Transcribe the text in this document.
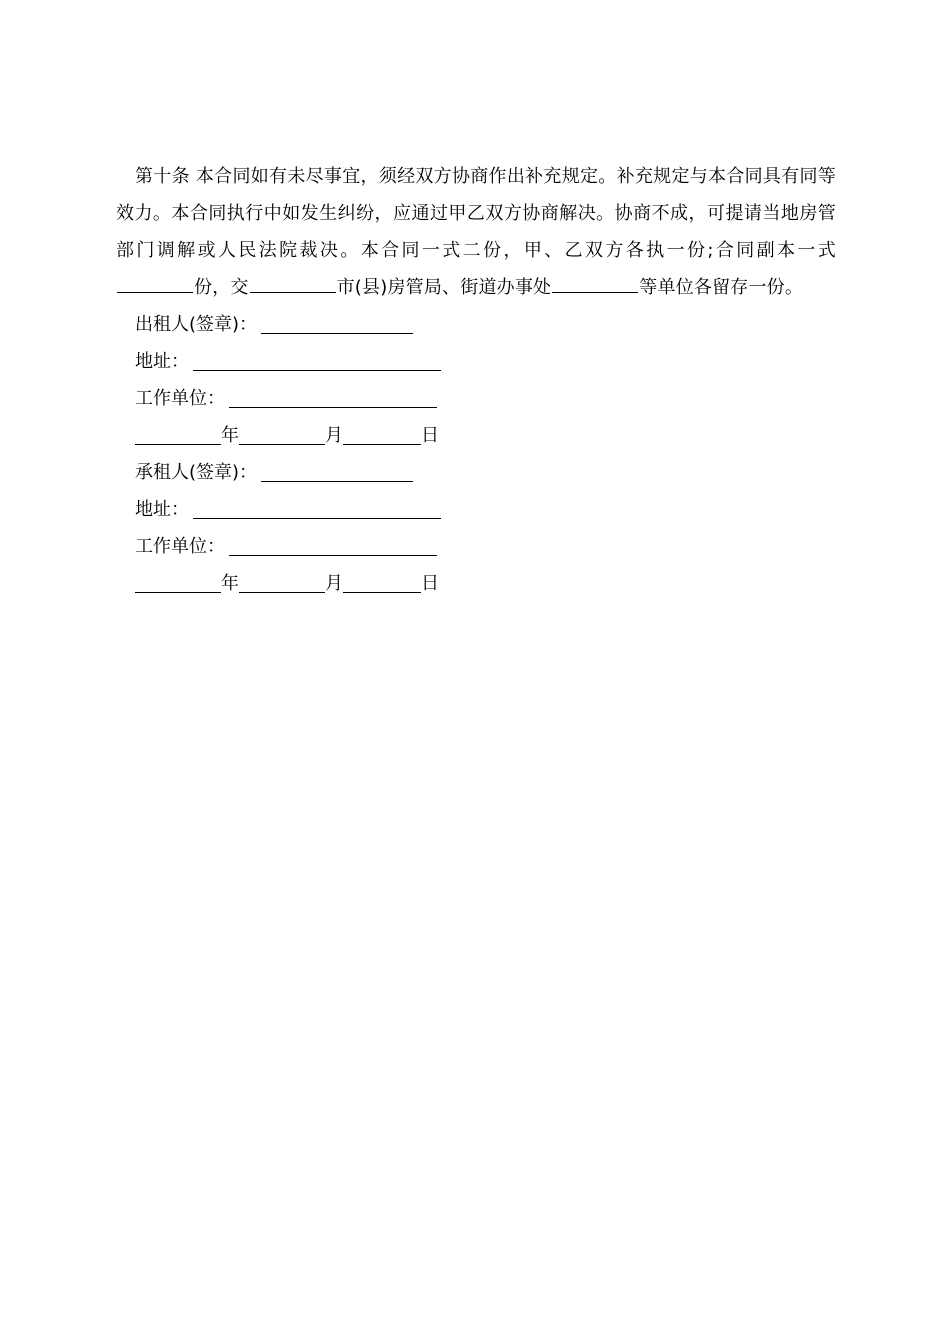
第十条 本合同如有未尽事宜，须经双方协商作出补充规定。补充规定与本合同具有同等效力。本合同执行中如发生纠纷，应通过甲乙双方协商解决。协商不成，可提请当地房管部门调解或人民法院裁决。本合同一式二份，甲、乙双方各执一份;合同副本一式份，交	市(县)房管局、街道办事处	等单位各留存一份。

出租人(签章)：
地址：
工作单位：
年	月	日
承租人(签章)：
地址：
工作单位：
年	月	日
